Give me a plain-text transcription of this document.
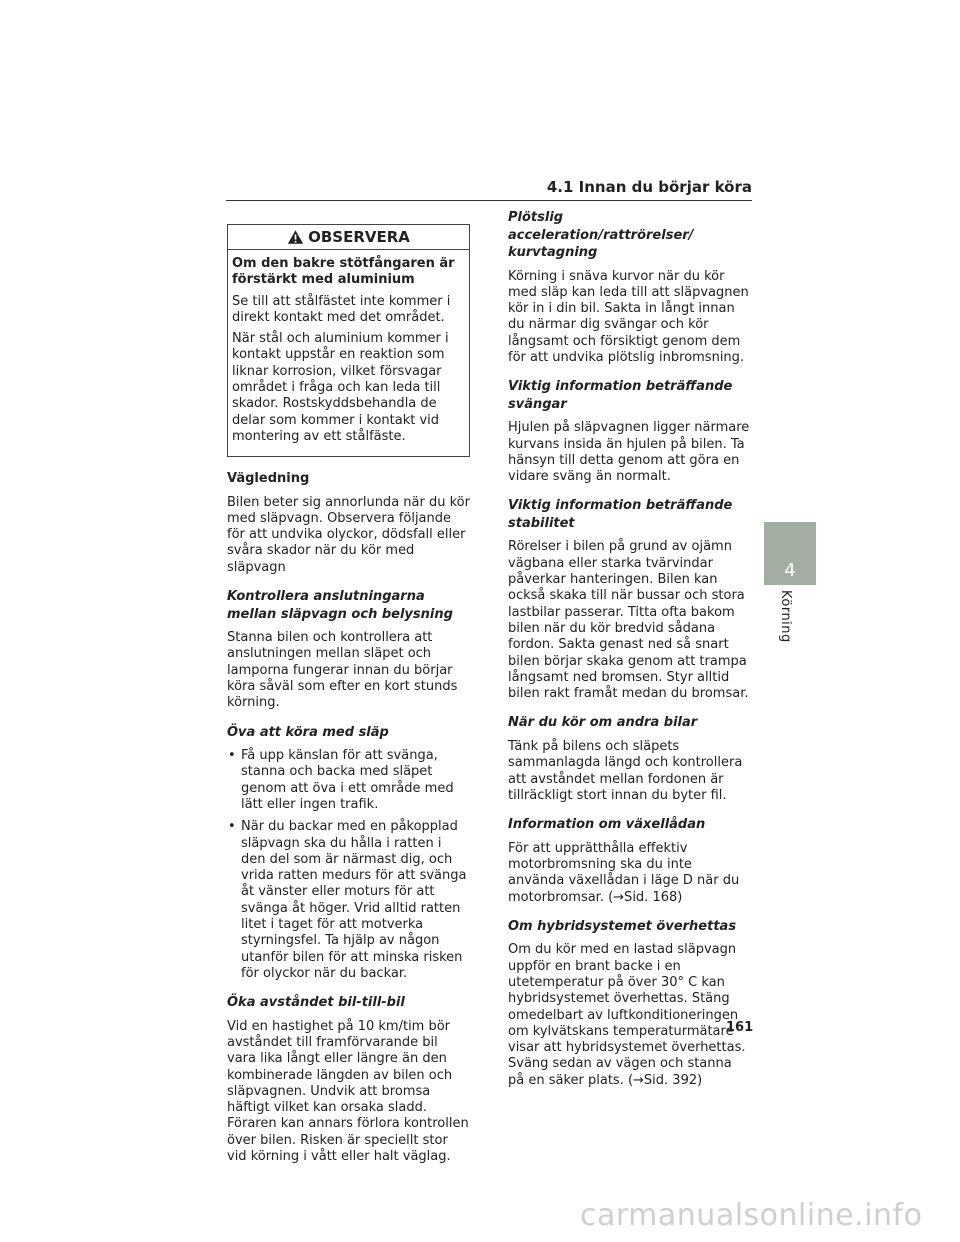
4.1 Innan du börjar köra
OBSERVERA

Om den bakre stötfångaren är förstärkt med aluminium

Se till att stålfästet inte kommer i direkt kontakt med det området.

När stål och aluminium kommer i kontakt uppstår en reaktion som liknar korrosion, vilket försvagar området i fråga och kan leda till skador. Rostskyddsbehandla de delar som kommer i kontakt vid montering av ett stålfäste.

Vägledning

Bilen beter sig annorlunda när du kör med släpvagn. Observera följande för att undvika olyckor, dödsfall eller svåra skador när du kör med släpvagn

Kontrollera anslutningarna mellan släpvagn och belysning

Stanna bilen och kontrollera att anslutningen mellan släpet och lamporna fungerar innan du börjar köra såväl som efter en kort stunds körning.

Öva att köra med släp
• Få upp känslan för att svänga, stanna och backa med släpet genom att öva i ett område med lätt eller ingen trafik.
• När du backar med en påkopplad släpvagn ska du hålla i ratten i den del som är närmast dig, och vrida ratten medurs för att svänga åt vänster eller moturs för att svänga åt höger. Vrid alltid ratten litet i taget för att motverka styrningsfel. Ta hjälp av någon utanför bilen för att minska risken för olyckor när du backar.
Öka avståndet bil-till-bil

Vid en hastighet på 10 km/tim bör avståndet till framförvarande bil vara lika långt eller längre än den kombinerade längden av bilen och släpvagnen. Undvik att bromsa häftigt vilket kan orsaka sladd. Föraren kan annars förlora kontrollen över bilen. Risken är speciellt stor vid körning i vått eller halt väglag.

Plötslig acceleration/rattrörelser/ kurvtagning

Körning i snäva kurvor när du kör med släp kan leda till att släpvagnen kör in i din bil. Sakta in långt innan du närmar dig svängar och kör långsamt och försiktigt genom dem för att undvika plötslig inbromsning.

Viktig information beträffande svängar

Hjulen på släpvagnen ligger närmare kurvans insida än hjulen på bilen. Ta hänsyn till detta genom att göra en vidare sväng än normalt.

Viktig information beträffande stabilitet

Rörelser i bilen på grund av ojämn vägbana eller starka tvärvindar påverkar hanteringen. Bilen kan också skaka till när bussar och stora lastbilar passerar. Titta ofta bakom bilen när du kör bredvid sådana fordon. Sakta genast ned så snart bilen börjar skaka genom att trampa långsamt ned bromsen. Styr alltid bilen rakt framåt medan du bromsar.

När du kör om andra bilar

Tänk på bilens och släpets sammanlagda längd och kontrollera att avståndet mellan fordonen är tillräckligt stort innan du byter fil.

Information om växellådan

För att upprätthålla effektiv motorbromsning ska du inte använda växellådan i läge D när du motorbromsar. (→Sid. 168)

Om hybridsystemet överhettas

Om du kör med en lastad släpvagn uppför en brant backe i en utetemperatur på över 30° C kan hybridsystemet överhettas. Stäng omedelbart av luftkonditioneringen om kylvätskans temperaturmätare visar att hybridsystemet överhettas. Sväng sedan av vägen och stanna på en säker plats. (→Sid. 392)

4
Körning
161
carmanualsonline.info
